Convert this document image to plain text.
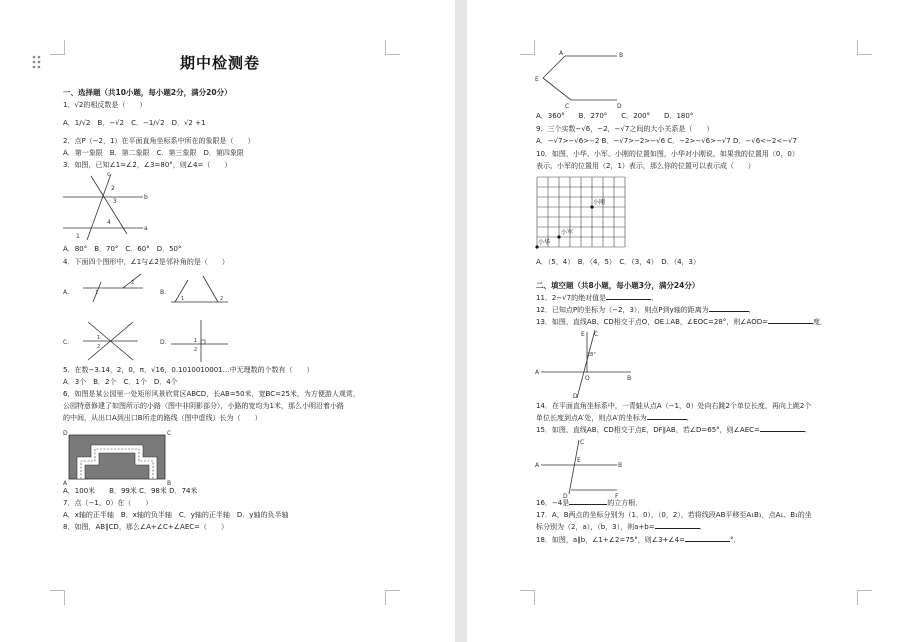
期中检测卷
一、选择题（共10小题，每小题2分，满分20分）
1．√2的相反数是（　　）
A．1/√2　B．−√2　C．−1/√2　D．√2 +1
2．点P（−2，1）在平面直角坐标系中所在的象限是（　　）
A．第一象限　B．第二象限　C．第三象限　D．第四象限
3．如图，已知∠1=∠2，∠3=80°，则∠4=（　　）
c
b
a
1
2
3
4
A．80°　B．70°　C．60°　D．50°
4．下面四个图形中，∠1与∠2是邻补角的是（　　）
A.	1
2
B.
1	2
C.
1
2
D.	1
2
5．在数−3.14，2，0，π，√16，0.1010010001…中无理数的个数有（　　）
A．3个　B．2个　C．1个　D．4个
6．如图是某公园里一处矩形风景欣赏区ABCD，长AB=50米，宽BC=25米，为方便游人观赏，
公园特意修建了如图所示的小路（图中非阴影部分），小路的宽均为1米，那么小明沿着小路
的中间，从出口A到出口B所走的路线（图中虚线）长为（　　）
D	C
A	B
A．100米　　B．99米 C．98米 D．74米
7．点（−1，0）在（　　）
A．x轴的正半轴　B．x轴的负半轴　C．y轴的正半轴　D．y轴的负半轴
8．如图，AB∥CD，那么∠A+∠C+∠AEC=（　　）
A	B
E
C	D
A．360°　　B．270°　　C．200°　　D．180°
9．三个实数−√6，−2，−√7之间的大小关系是（　　）
A．−√7>−√6>−2 B．−√7>−2>−√6 C．−2>−√6>−√7 D．−√6<−2<−√7
10．如图，小华、小军、小刚的位置如图，小华对小刚说，如果我的位置用（0，0）
表示，小军的位置用（2，1）表示，那么你的位置可以表示成（　　）
小刚
小军
小华
A．（5，4）　B．（4，5）　C．（3，4）　D．（4，3）
二、填空题（共8小题，每小题3分，满分24分）
11．2−√7的绝对值是	．
12．已知点P的坐标为（−2，3），则点P到y轴的距离为	．
13．如图，直线AB、CD相交于点O，OE⊥AB，∠EOC=28°，则∠AOD=	度．
A
B
C
D
E
O
28°
14．在平面直角坐标系中，一青蛙从点A（−1，0）处向右跳2个单位长度，再向上跳2个
单位长度到点A′处，则点A′的坐标为	．
15．如图，直线AB、CD相交于点E，DF∥AB，若∠D=65°，则∠AEC=	．
A	B
C
D
E
F
16．−4是	的立方根．
17．A，B两点的坐标分别为（1，0），（0，2），若将线段AB平移至A₁B₁，点A₁、B₁的坐
标分别为（2，a），（b，3），则a+b=	．
18．如图，a∥b，∠1+∠2=75°，则∠3+∠4=	°．
